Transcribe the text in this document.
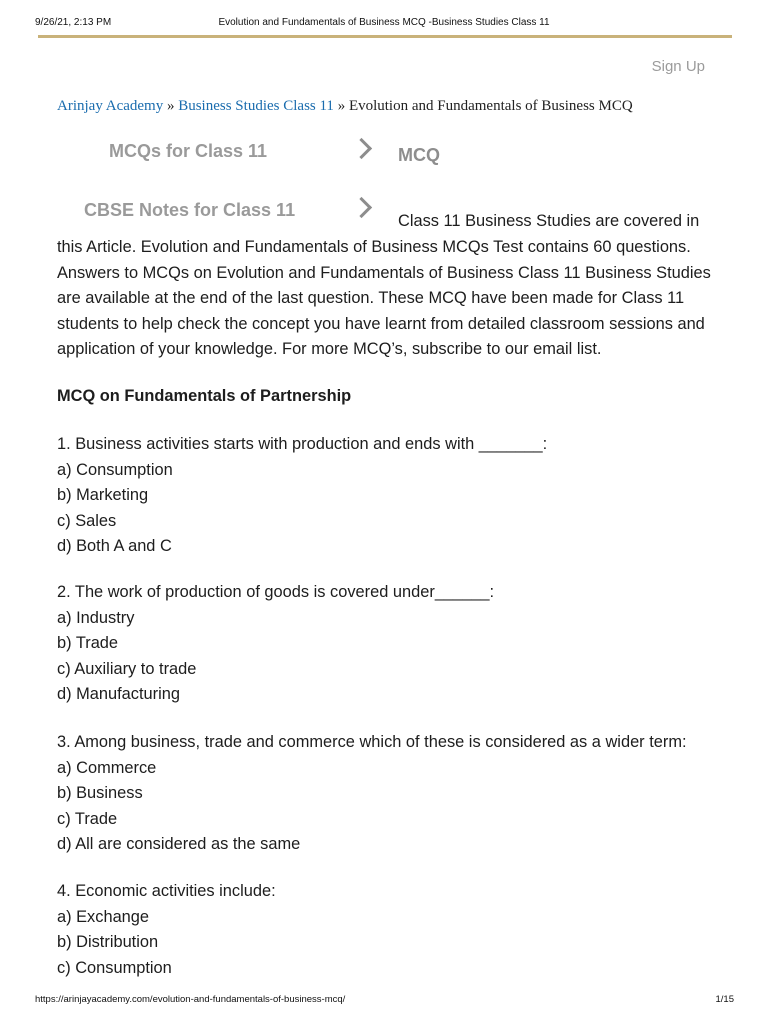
9/26/21, 2:13 PM	Evolution and Fundamentals of Business MCQ -Business Studies Class 11
Sign Up
Arinjay Academy » Business Studies Class 11 » Evolution and Fundamentals of Business MCQ
MCQs for Class 11	MCQ
CBSE Notes for Class 11
Class 11 Business Studies are covered in
this Article. Evolution and Fundamentals of Business MCQs Test contains 60 questions.
Answers to MCQs on Evolution and Fundamentals of Business Class 11 Business Studies
are available at the end of the last question. These MCQ have been made for Class 11
students to help check the concept you have learnt from detailed classroom sessions and
application of your knowledge. For more MCQ’s, subscribe to our email list.
MCQ on Fundamentals of Partnership
1. Business activities starts with production and ends with _______:
a) Consumption
b) Marketing
c) Sales
d) Both A and C
2. The work of production of goods is covered under______:
a) Industry
b) Trade
c) Auxiliary to trade
d) Manufacturing
3. Among business, trade and commerce which of these is considered as a wider term:
a) Commerce
b) Business
c) Trade
d) All are considered as the same
4. Economic activities include:
a) Exchange
b) Distribution
c) Consumption
https://arinjayacademy.com/evolution-and-fundamentals-of-business-mcq/	1/15
